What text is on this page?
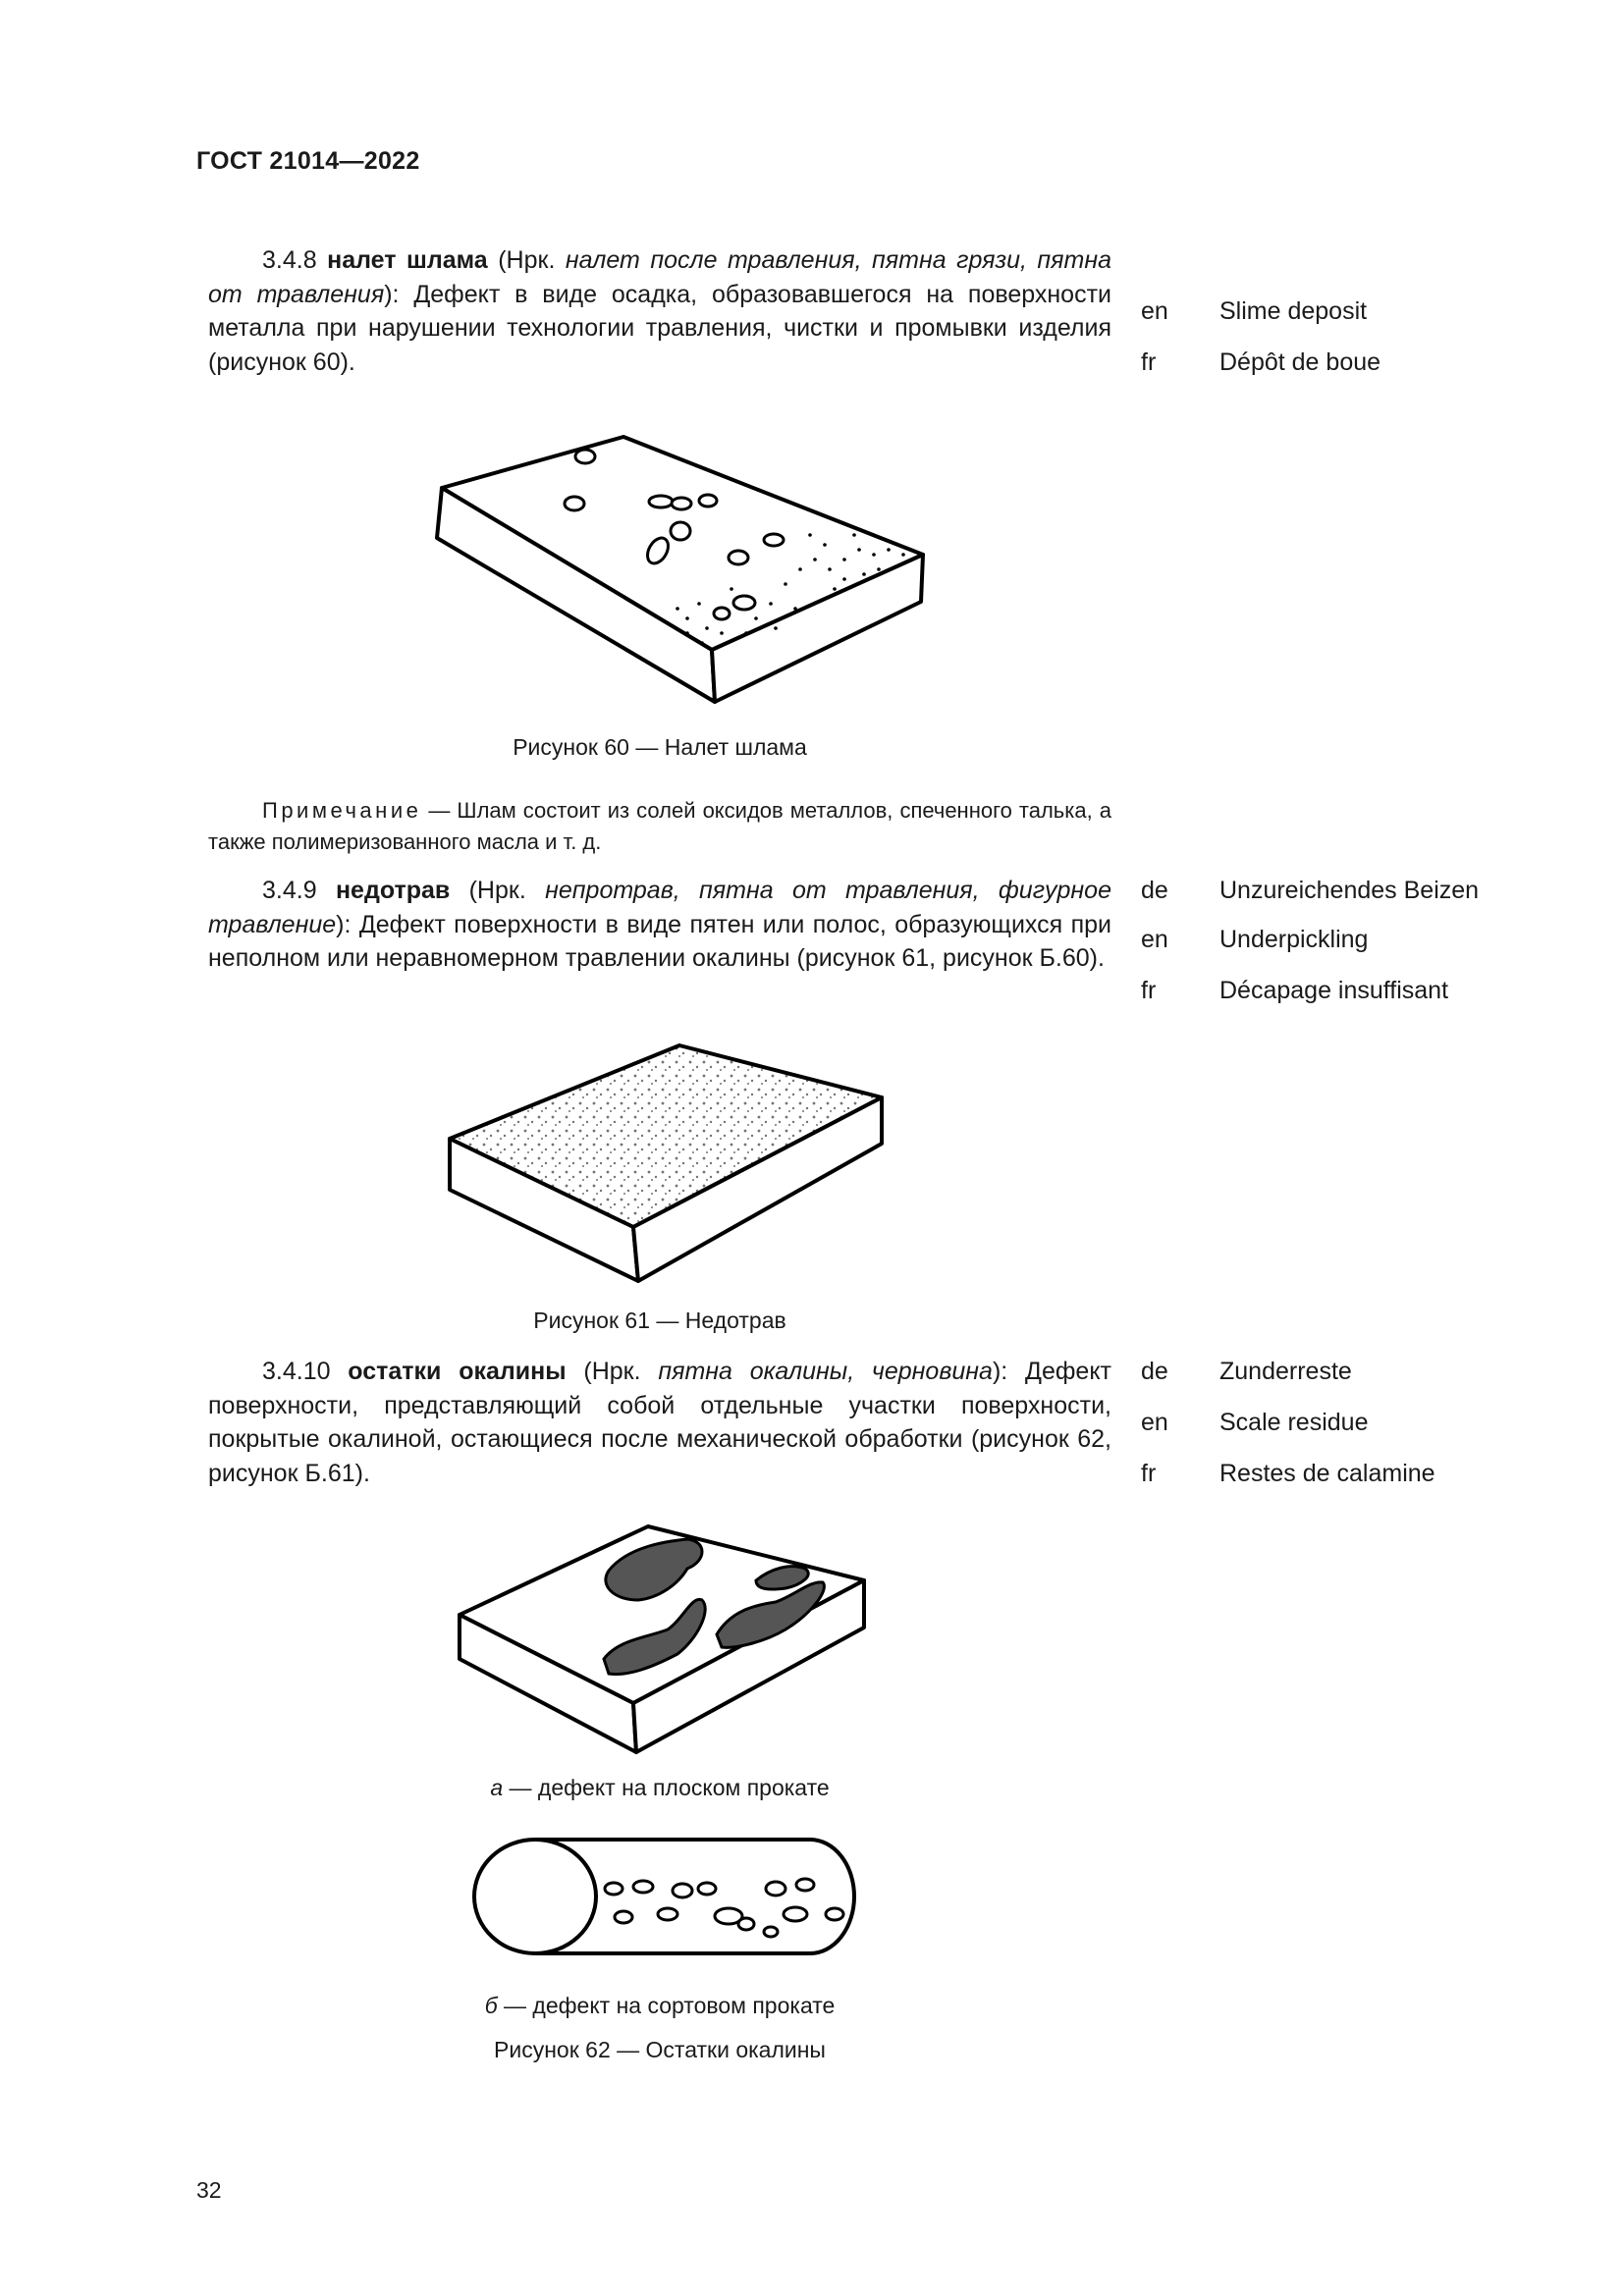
ГОСТ 21014—2022
3.4.8 налет шлама (Нрк. налет после травления, пятна грязи, пятна от травления): Дефект в виде осадка, образовавшегося на поверхности металла при нарушении технологии травления, чистки и промывки изделия (рисунок 60).
en Slime deposit
fr	Dépôt de boue
Рисунок 60 — Налет шлама
Примечание — Шлам состоит из солей оксидов металлов, спеченного талька, а также полимеризованного масла и т. д.
3.4.9 недотрав (Нрк. непротрав, пятна от травления, фигурное травление): Дефект поверхности в виде пятен или полос, образующихся при неполном или неравномерном травлении окалины (рисунок 61, рисунок Б.60).
de Unzureichendes Beizen
en Underpickling
fr	Décapage insuffisant
Рисунок 61 — Недотрав
3.4.10 остатки окалины (Нрк. пятна окалины, черновина): Дефект поверхности, представляющий собой отдельные участки поверхности, покрытые окалиной, остающиеся после механической обработки (рисунок 62, рисунок Б.61).
de Zunderreste
en Scale residue
fr	Restes de calamine
а — дефект на плоском прокате
б — дефект на сортовом прокате
Рисунок 62 — Остатки окалины
32
